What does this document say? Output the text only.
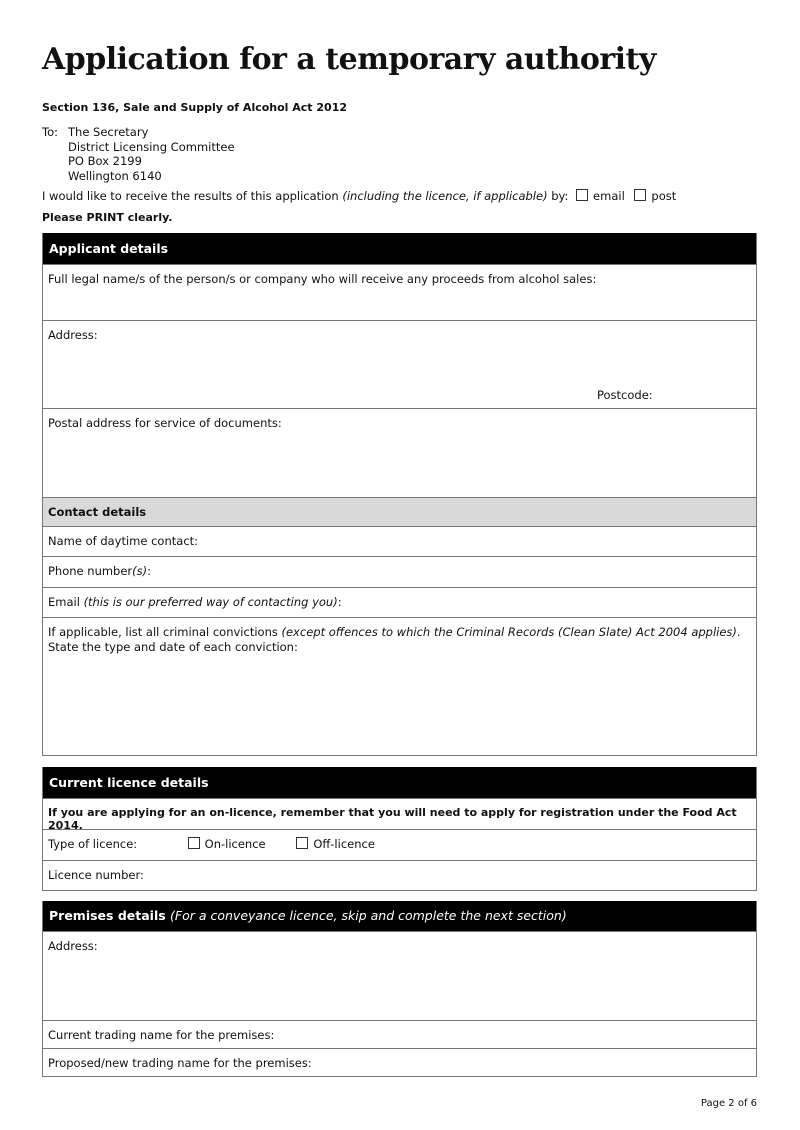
Application for a temporary authority
Section 136, Sale and Supply of Alcohol Act 2012
To: The Secretary
District Licensing Committee
PO Box 2199
Wellington 6140
I would like to receive the results of this application (including the licence, if applicable) by: email post
Please PRINT clearly.
Applicant details
Full legal name/s of the person/s or company who will receive any proceeds from alcohol sales:
Address:
Postcode:
Postal address for service of documents:
Contact details
Name of daytime contact:
Phone number(s):
Email (this is our preferred way of contacting you):
If applicable, list all criminal convictions (except offences to which the Criminal Records (Clean Slate) Act 2004 applies). State the type and date of each conviction:
Current licence details
If you are applying for an on-licence, remember that you will need to apply for registration under the Food Act 2014.
Type of licence:	On-licence	Off-licence
Licence number:
Premises details (For a conveyance licence, skip and complete the next section)
Address:
Current trading name for the premises:
Proposed/new trading name for the premises:
Page 2 of 6
